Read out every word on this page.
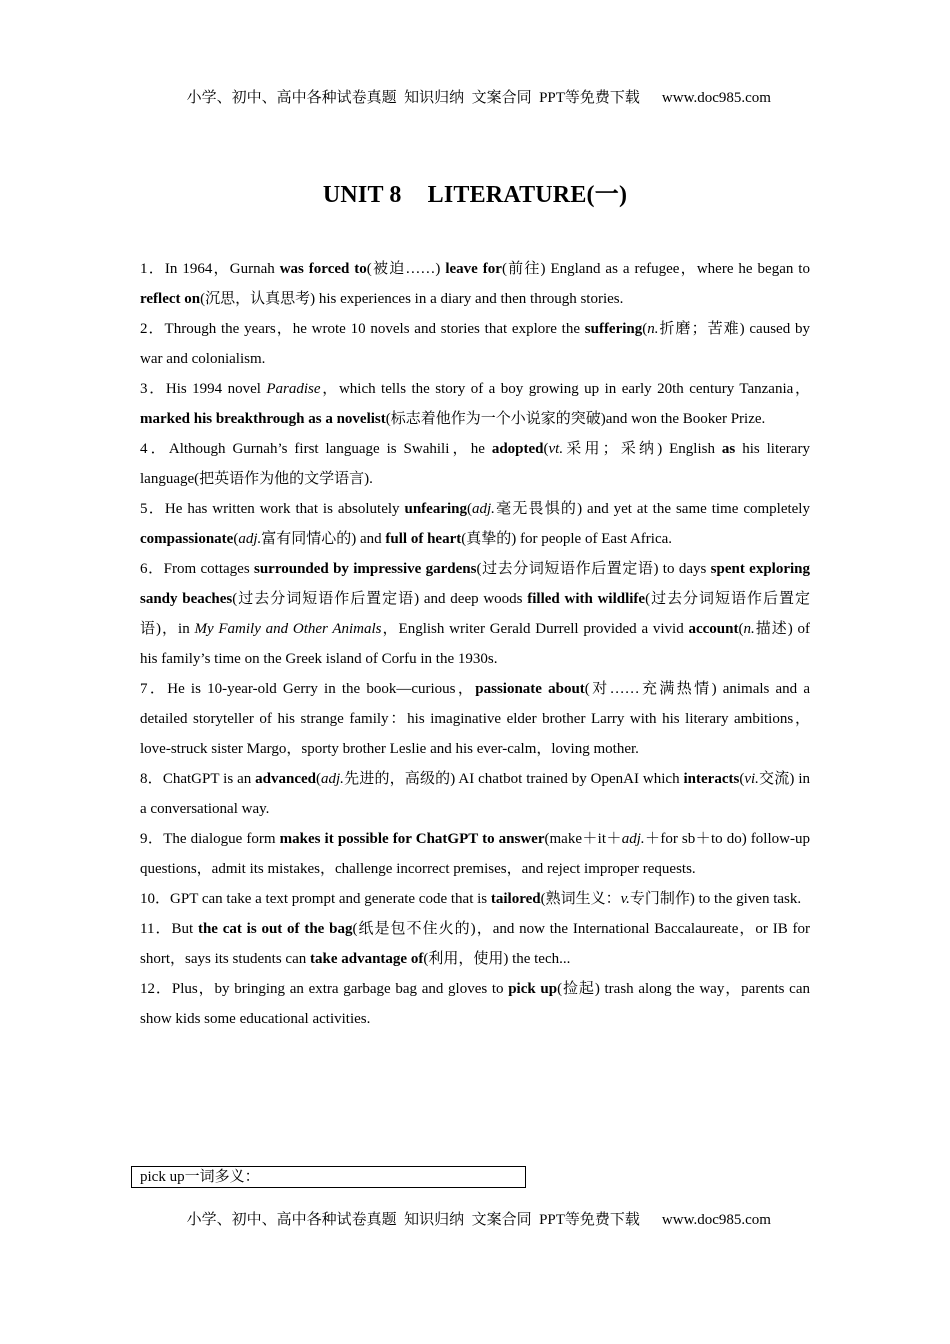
小学、初中、高中各种试卷真题  知识归纳  文案合同  PPT等免费下载 www.doc985.com

UNIT 8 LITERATURE(一)

1．In 1964，Gurnah was forced to(被迫……) leave for(前往) England as a refugee，where he began to reflect on(沉思，认真思考) his experiences in a diary and then through stories.

2．Through the years，he wrote 10 novels and stories that explore the suffering(n.折磨；苦难) caused by war and colonialism.

3．His 1994 novel Paradise，which tells the story of a boy growing up in early 20th century Tanzania，marked his breakthrough as a novelist(标志着他作为一个小说家的突破)and won the Booker Prize.

4．Although Gurnah’s first language is Swahili，he adopted(vt.采用；采纳) English as his literary language(把英语作为他的文学语言).

5．He has written work that is absolutely unfearing(adj.毫无畏惧的) and yet at the same time completely compassionate(adj.富有同情心的) and full of heart(真挚的) for people of East Africa.

6．From cottages surrounded by impressive gardens(过去分词短语作后置定语) to days spent exploring sandy beaches(过去分词短语作后置定语) and deep woods filled with wildlife(过去分词短语作后置定语)，in My Family and Other Animals，English writer Gerald Durrell provided a vivid account(n.描述) of his family’s time on the Greek island of Corfu in the 1930s.

7．He is 10-year-old Gerry in the book—curious，passionate about(对……充满热情) animals and a detailed storyteller of his strange family：his imaginative elder brother Larry with his literary ambitions，love-struck sister Margo，sporty brother Leslie and his ever-calm，loving mother.

8．ChatGPT is an advanced(adj.先进的，高级的) AI chatbot trained by OpenAI which interacts(vi.交流) in a conversational way.

9．The dialogue form makes it possible for ChatGPT to answer(make＋it＋adj.＋for sb＋to do) follow-up questions，admit its mistakes，challenge incorrect premises，and reject improper requests.

10．GPT can take a text prompt and generate code that is tailored(熟词生义：v.专门制作) to the given task.

11．But the cat is out of the bag(纸是包不住火的)，and now the International Baccalaureate，or IB for short，says its students can take advantage of(利用，使用) the tech...

12．Plus，by bringing an extra garbage bag and gloves to pick up(捡起) trash along the way，parents can show kids some educational activities.

pick up一词多义：

小学、初中、高中各种试卷真题  知识归纳  文案合同  PPT等免费下载 www.doc985.com
